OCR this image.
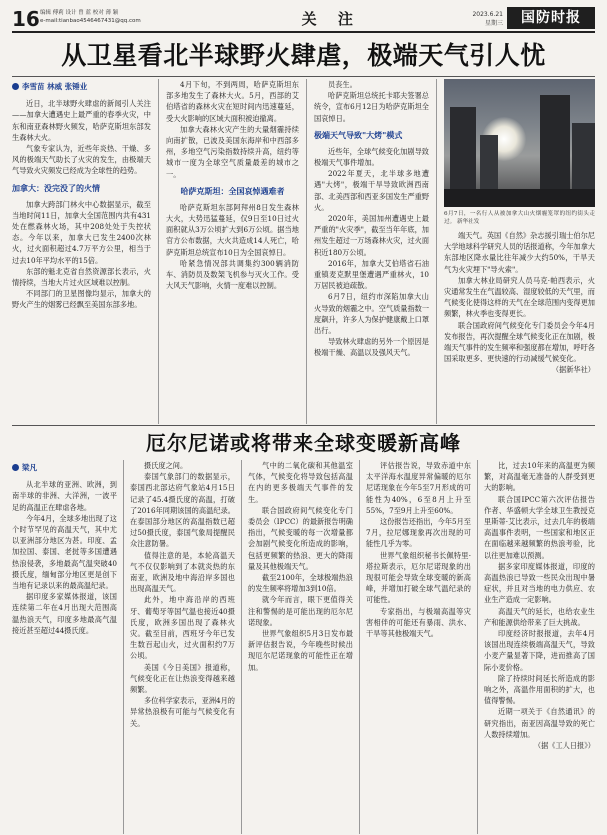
16 编辑 傅莉 设计 曾 蓝 校对 薄 颖
e-mail:tianbao4546467431@qq.com	关 注	2023.6.21
星期三	国防时报
从卫星看北半球野火肆虐，极端天气引人忧
李雪苗 林威 张锤业

近日，北半球野火肆虐的新闻引人关注——加拿大遭遇史上最严重的春季火灾，中东和南亚森林野火频发，哈萨克斯坦东部发生森林大火。

气象专家认为，近些年炎热、干燥、多风的极端天气助长了火灾的发生，由极端天气导致火灾频发已经成为全球性的趋势。

加拿大：没完没了的火情

加拿大跨部门林火中心数据显示，截至当地时间11日，加拿大全国范围内共有431处在燃森林火场，其中208处处于失控状态。今年以来，加拿大已发生2400次林火，过火面积超过4.7万平方公里，相当于过去10年平均水平的15倍。

东部的魁北克省自然资源部长表示，火情持续，当地大片过火区域难以控制。

不同部门的卫星图像均显示，加拿大的野火产生的烟雾已经飘至美国东部多地。

4月下旬，不到两周，哈萨克斯坦东部多地发生了森林大火。5月，西部的艾伯塔省的森林火灾在短时间内迅速蔓延，受大火影响的区域大面积被迫撤离。

加拿大森林火灾产生的大量烟霾持续向南扩散，已波及美国东海岸和中西部多州，多地空气污染指数持续升高，纽约等城市一度为全球空气质量最差的城市之一。

哈萨克斯坦：全国哀悼遇难者

哈萨克斯坦东部阿拜州8日发生森林大火，大势迅猛蔓延，仅9日至10日过火面积就从3万公顷扩大到6万公顷。据当地官方公布数据，大火共造成14人死亡，哈萨克斯坦总统宣布10日为全国哀悼日。

哈紧急情况部共调集约300辆消防车、消防员及数架飞机参与灭火工作。受大风天气影响，火情一度难以控制。

员丧生。

哈萨克斯坦总统托卡耶夫签署总统令，宣布6月12日为哈萨克斯坦全国哀悼日。

极端天气导致"大烤"模式

近些年，全球气候变化加剧导致极端天气事件增加。

2022年夏天，北半球多地遭遇"大烤"，极端干旱导致欧洲西南部、北美西部和西亚多国发生严重野火。

2020年，美国加州遭遇史上最严重的"火灾季"，截至当年年底，加州发生超过一万场森林火灾，过火面积近180万公顷。

2016年，加拿大艾伯塔省石油重镇麦克默里堡遭遇严重林火，10万居民被迫疏散。

6月7日，纽约市深陷加拿大山火导致的烟霾之中。空气质量指数一度飙升，许多人为保护健康戴上口罩出行。

导致林火肆虐的另外一个原因是极端干燥、高温以及强风天气。

6月7日，一名行人从被加拿大山火烟霾笼罩的纽约街头走过。 新华社发

端天气。英国《自然》杂志援引瑞士伯尔尼大学地球科学研究人员的话报道称，今年加拿大东部地区降水量比往年减少大约50%，干旱天气为火灾埋下"导火索"。

加拿大林业局研究人员马克·帕西表示，火灾通常发生在气温较高、湿度较低的天气里，而气候变化使得这样的天气在全球范围内变得更加频繁，林火季也变得更长。

联合国政府间气候变化专门委员会今年4月发布报告，再次提醒全球气候变化正在加剧，极端天气事件的发生频率和强度都在增加，呼吁各国采取更多、更快速的行动减缓气候变化。

（据新华社）

厄尔尼诺或将带来全球变暖新高峰
梁凡

从北半球的亚洲、欧洲，到南半球的非洲、大洋洲，一波平足的高温正在肆虐各地。

今年4月，全球多地出现了这个时节罕见的高温天气，其中尤以亚洲部分地区为甚。印度、孟加拉国、泰国、老挝等多国遭遇热浪侵袭，多地最高气温突破40摄氏度，缅甸部分地区更是创下当地有记录以来的最高温纪录。

据印度多家媒体报道，该国连续第二年在4月出现大范围高温热浪天气，印度多地最高气温接近甚至超过44摄氏度。

摄氏度之间。

泰国气象部门的数据显示，泰国西北部达府气象站4月15日记录了45.4摄氏度的高温，打破了2016年同期该国的高温纪录。在泰国部分地区的高温指数已超过50摄氏度，泰国气象局提醒民众注意防暑。

值得注意的是，本轮高温天气不仅仅影响到了本就炎热的东南亚，欧洲及地中海沿岸多国也出现高温天气。

此外，地中海沿岸的西班牙、葡萄牙等国气温也接近40摄氏度，欧洲多国出现了森林火灾。截至目前，西班牙今年已发生数百起山火，过火面积约7万公顷。

美国《今日美国》报道称，气候变化正在让热浪变得越来越频繁。

多位科学家表示，亚洲4月的异常热浪极有可能与气候变化有关。

气中的二氧化碳和其他温室气体，气候变化将导致包括高温在内的更多极端天气事件的发生。

联合国政府间气候变化专门委员会（IPCC）的最新报告明确指出，气候变暖的每一次增量都会加剧气候变化所造成的影响，包括更频繁的热浪、更大的降雨量及其他极端天气。

截至2100年，全球极端热浪的发生频率将增加3到10倍。

就今年而言，眼下更值得关注和警惕的是可能出现的厄尔尼诺现象。

世界气象组织5月3日发布最新评估报告说，今年晚些时候出现厄尔尼诺现象的可能性正在增加。

评估报告说，导致赤道中东太平洋海水温度异常偏暖的厄尔尼诺现象在今年5至7月形成的可能性为40%，6至8月上升至55%，7至9月上升至60%。

这份报告还指出，今年5月至7月，拉尼娜现象再次出现的可能性几乎为零。

世界气象组织秘书长佩特里·塔拉斯表示，厄尔尼诺现象的出现很可能会导致全球变暖的新高峰，并增加打破全球气温纪录的可能性。

专家指出，与极端高温等灾害相伴的可能还有暴雨、洪水、干旱等其他极端天气。

比，过去10年来的高温更为频繁，对高温毫无准备的人群受到更大的影响。

联合国IPCC第六次评估报告作者、华盛顿大学全球卫生教授克里斯蒂·艾比表示，过去几年的极端高温事件表明，一些国家和地区正在面临越来越频繁的热浪考验，比以往更加难以预测。

据多家印度媒体报道，印度的高温热浪已导致一些民众出现中暑症状，并且对当地的电力供应、农业生产造成一定影响。

高温天气的延长，也给农业生产和能源供给带来了巨大挑战。

印度经济时报报道，去年4月该国出现连续极端高温天气，导致小麦产量显著下降，进而推高了国际小麦价格。

除了持续时间延长所造成的影响之外，高温作用面积的扩大，也值得警惕。

近期一项关于《自然通讯》的研究指出，南亚因高温导致的死亡人数持续增加。

（据《工人日报》）
